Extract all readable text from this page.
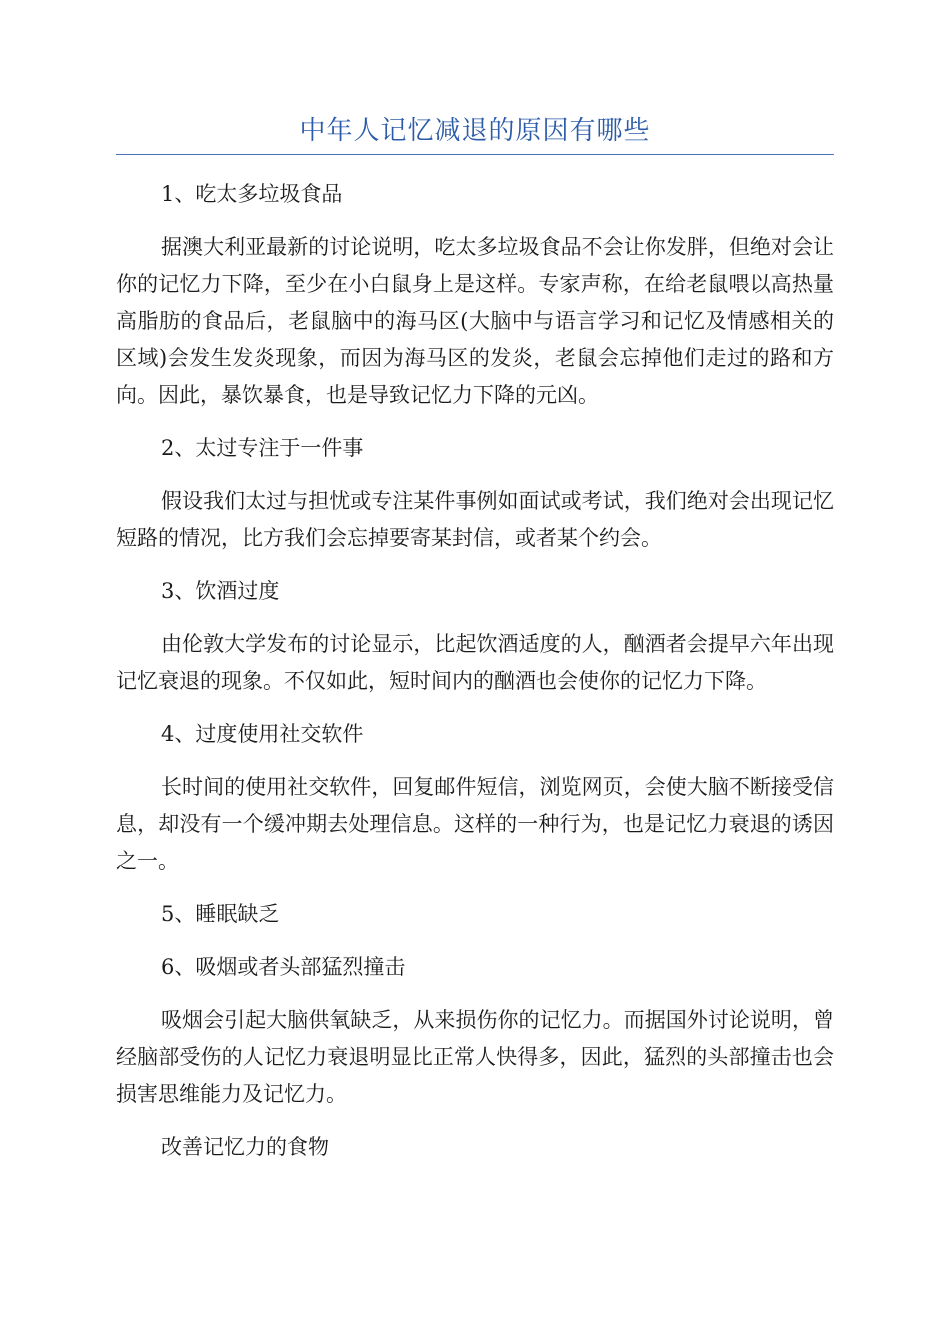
中年人记忆减退的原因有哪些

1、吃太多垃圾食品

据澳大利亚最新的讨论说明，吃太多垃圾食品不会让你发胖，但绝对会让你的记忆力下降，至少在小白鼠身上是这样。专家声称，在给老鼠喂以高热量高脂肪的食品后，老鼠脑中的海马区(大脑中与语言学习和记忆及情感相关的区域)会发生发炎现象，而因为海马区的发炎，老鼠会忘掉他们走过的路和方向。因此，暴饮暴食，也是导致记忆力下降的元凶。

2、太过专注于一件事

假设我们太过与担忧或专注某件事例如面试或考试，我们绝对会出现记忆短路的情况，比方我们会忘掉要寄某封信，或者某个约会。

3、饮酒过度

由伦敦大学发布的讨论显示，比起饮酒适度的人，酗酒者会提早六年出现记忆衰退的现象。不仅如此，短时间内的酗酒也会使你的记忆力下降。

4、过度使用社交软件

长时间的使用社交软件，回复邮件短信，浏览网页，会使大脑不断接受信息，却没有一个缓冲期去处理信息。这样的一种行为，也是记忆力衰退的诱因之一。

5、睡眠缺乏

6、吸烟或者头部猛烈撞击

吸烟会引起大脑供氧缺乏，从来损伤你的记忆力。而据国外讨论说明，曾经脑部受伤的人记忆力衰退明显比正常人快得多，因此，猛烈的头部撞击也会损害思维能力及记忆力。

改善记忆力的食物
